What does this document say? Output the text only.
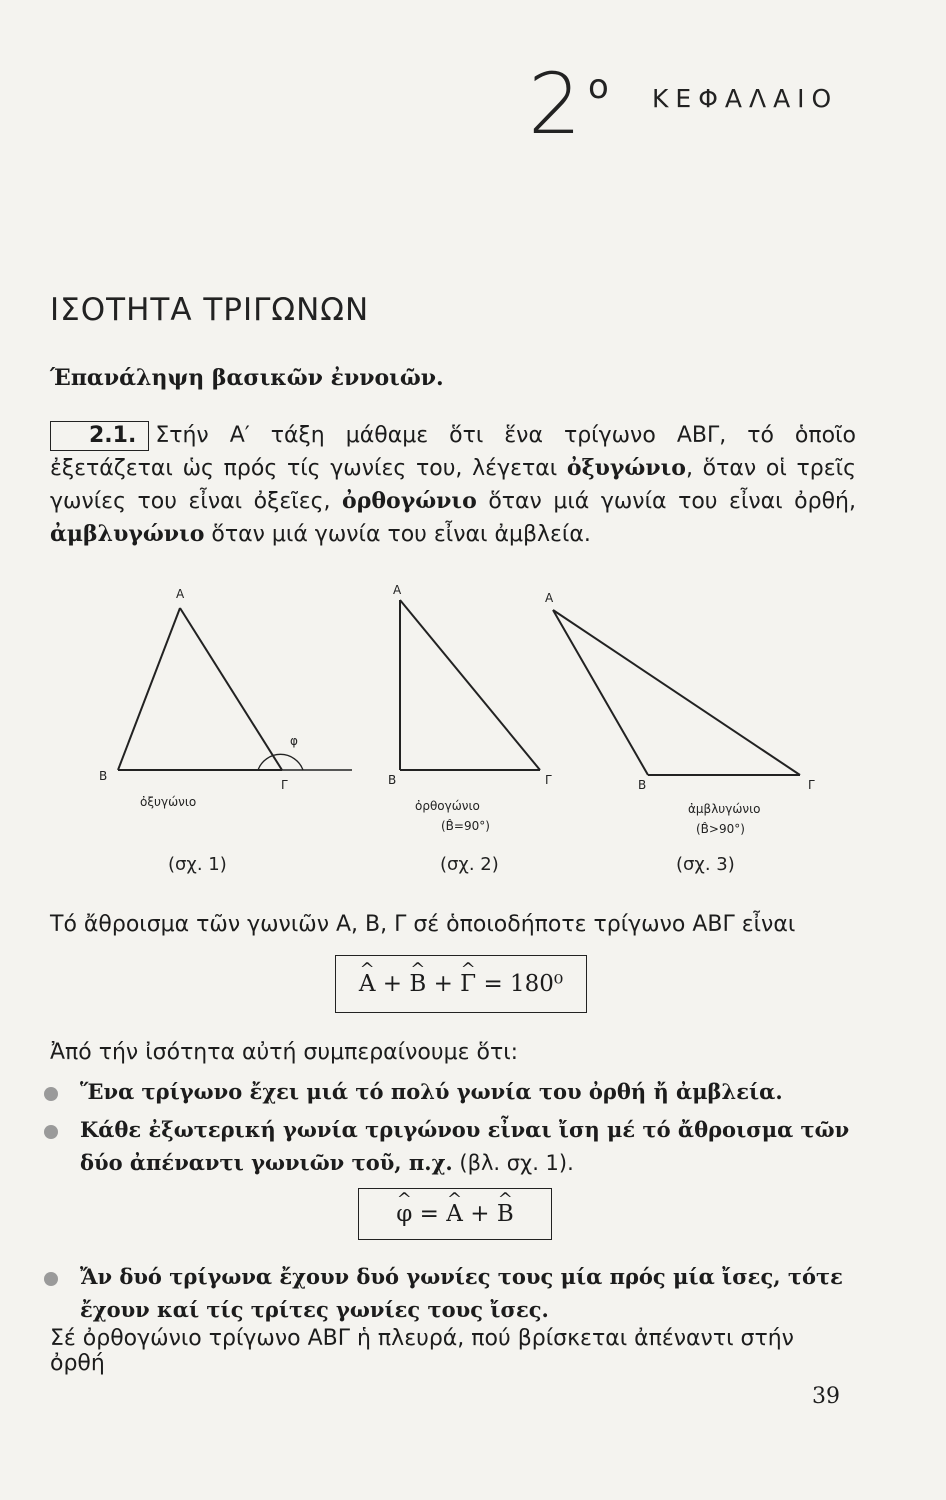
2 ο ΚΕΦΑΛΑΙΟ
ΙΣΟΤΗΤΑ ΤΡΙΓΩΝΩΝ
Έπανάληψη βασικῶν ἐννοιῶν.
2.1. Στήν Α′ τάξη μάθαμε ὅτι ἕνα τρίγωνο ΑΒΓ, τό ὁποῖο ἐξετάζεται ὡς πρός τίς γωνίες του, λέγεται ὀξυγώνιο, ὅταν οἱ τρεῖς γωνίες του εἶναι ὀξεῖες, ὀρθογώνιο ὅταν μιά γωνία του εἶναι ὀρθή, ἀμβλυγώνιο ὅταν μιά γωνία του εἶναι ἀμβλεία.
Α
Β
Γ
φ
ὀξυγώνιο
Α
Β	Γ
ὀρθογώνιο
(B̂=90°)
Α
Β	Γ
ἀμβλυγώνιο
(B̂>90°)
(σχ. 1)	(σχ. 2)	(σχ. 3)
Τό ἄθροισμα τῶν γωνιῶν Α, Β, Γ σέ ὁποιοδήποτε τρίγωνο ΑΒΓ εἶναι
^ A + ^ B + ^ Γ = 180⁰
Ἀπό τήν ἰσότητα αὐτή συμπεραίνουμε ὅτι:
Ἕνα τρίγωνο ἔχει μιά τό πολύ γωνία του ὀρθή ἤ ἀμβλεία.
Κάθε ἐξωτερική γωνία τριγώνου εἶναι ἴση μέ τό ἄθροισμα τῶν δύο ἀπέναντι γωνιῶν τοῦ, π.χ. (βλ. σχ. 1).
^ φ = ^ A + ^ B
Ἄν δυό τρίγωνα ἔχουν δυό γωνίες τους μία πρός μία ἴσες, τότε ἔχουν καί τίς τρίτες γωνίες τους ἴσες.
Σέ ὀρθογώνιο τρίγωνο ΑΒΓ ἡ πλευρά, πού βρίσκεται ἀπέναντι στήν ὀρθή
39
